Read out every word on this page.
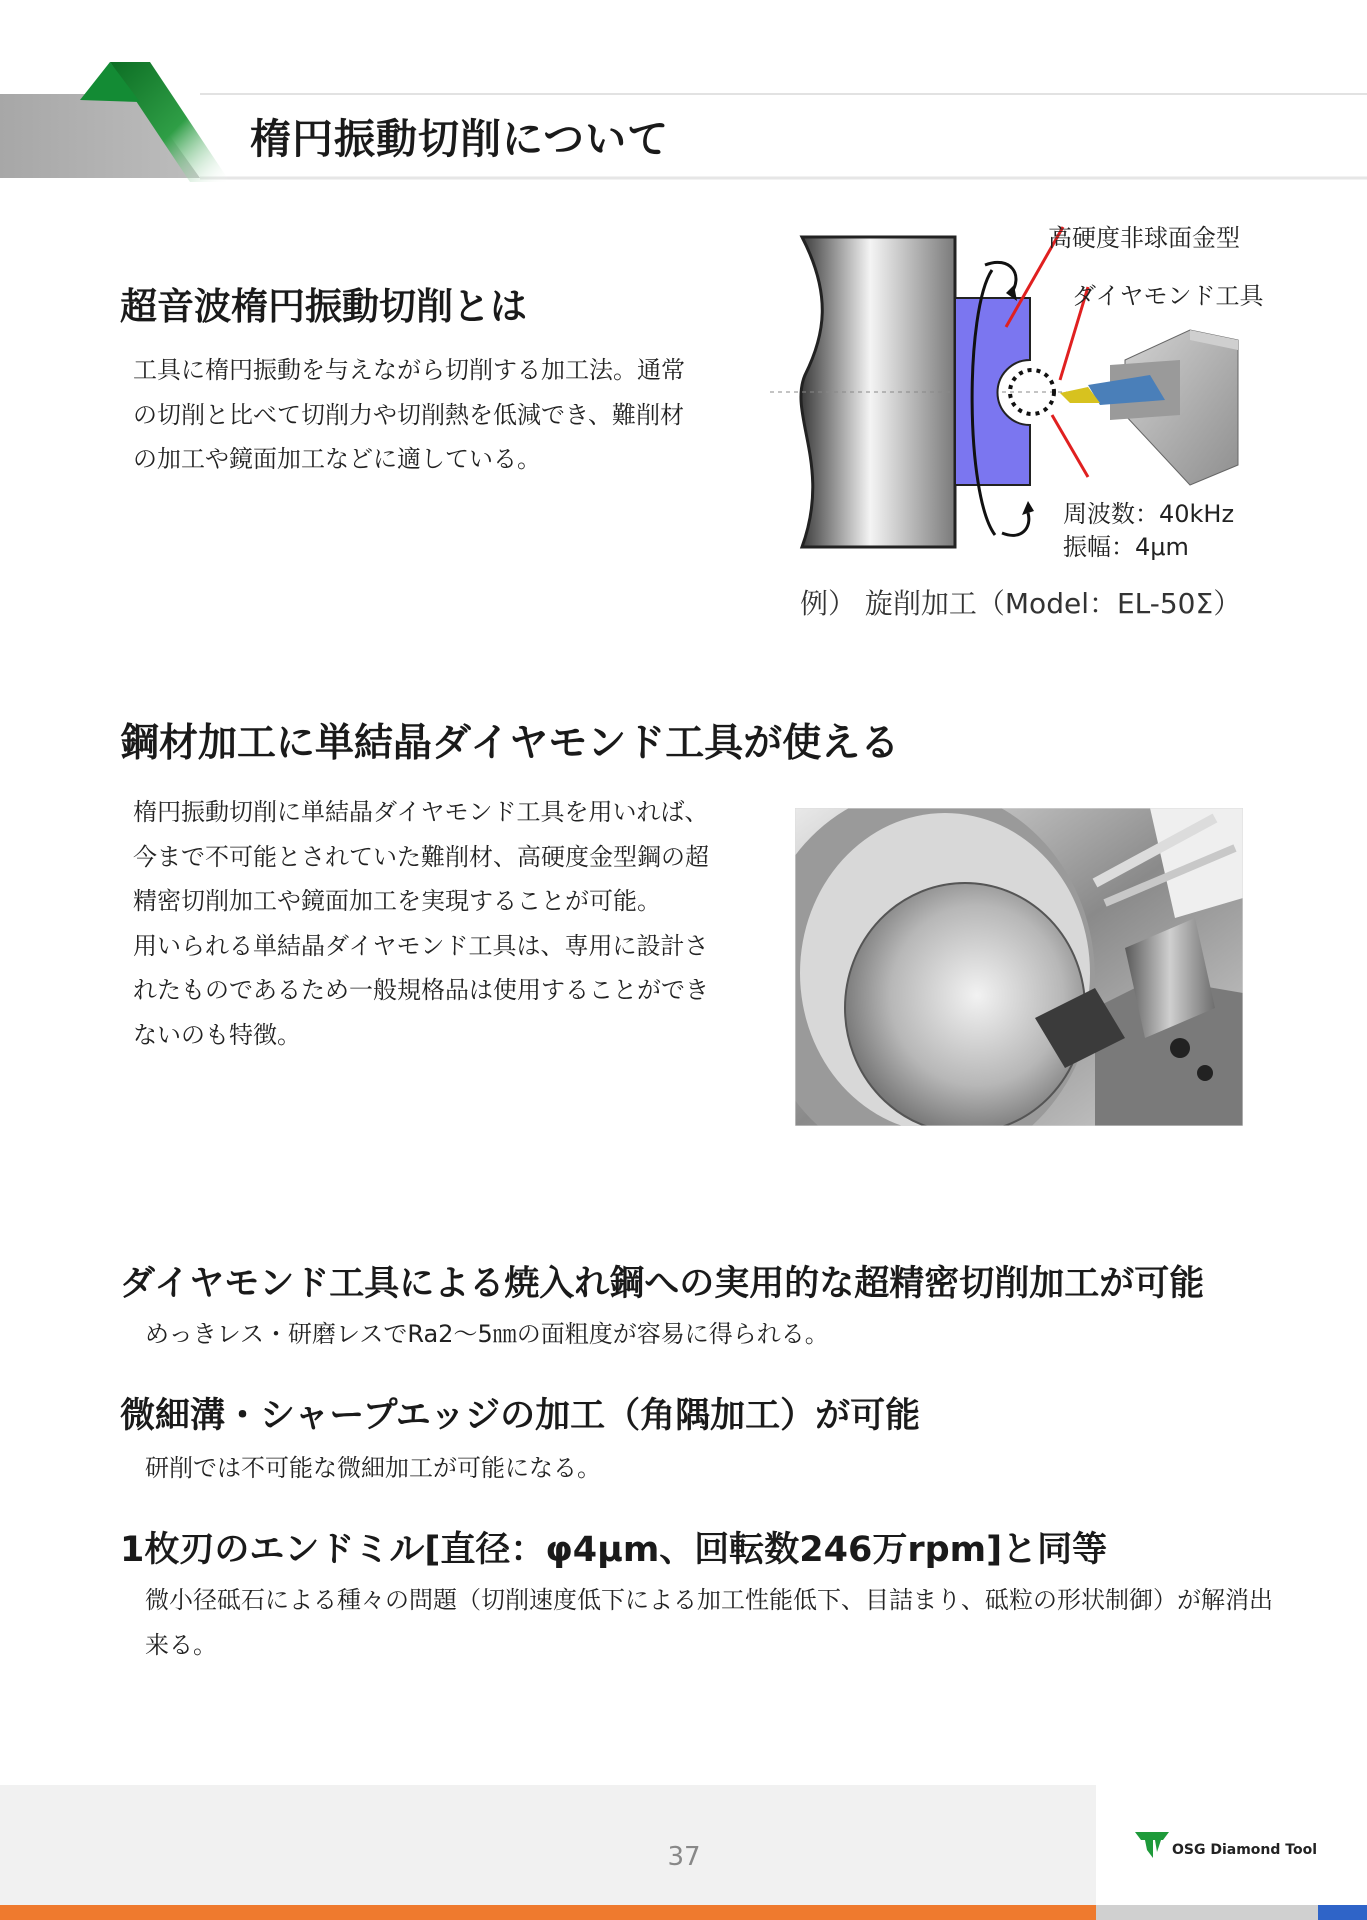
楕円振動切削について
超音波楕円振動切削とは

工具に楕円振動を与えながら切削する加工法。通常

の切削と比べて切削力や切削熱を低減でき、難削材

の加工や鏡面加工などに適している。

高硬度非球面金型
ダイヤモンド工具
周波数：40kHz
振幅：4μm
例） 旋削加工（Model：EL-50Σ）
鋼材加工に単結晶ダイヤモンド工具が使える

楕円振動切削に単結晶ダイヤモンド工具を用いれば、

今まで不可能とされていた難削材、高硬度金型鋼の超

精密切削加工や鏡面加工を実現することが可能。

用いられる単結晶ダイヤモンド工具は、専用に設計さ

れたものであるため一般規格品は使用することができ

ないのも特徴。

ダイヤモンド工具による焼入れ鋼への実用的な超精密切削加工が可能

めっきレス・研磨レスでRa2～5㎚の面粗度が容易に得られる。

微細溝・シャープエッジの加工（角隅加工）が可能

研削では不可能な微細加工が可能になる。

1枚刃のエンドミル[直径：φ4μm、回転数246万rpm]と同等

微小径砥石による種々の問題（切削速度低下による加工性能低下、目詰まり、砥粒の形状制御）が解消出

来る。

37	OSG Diamond Tool
